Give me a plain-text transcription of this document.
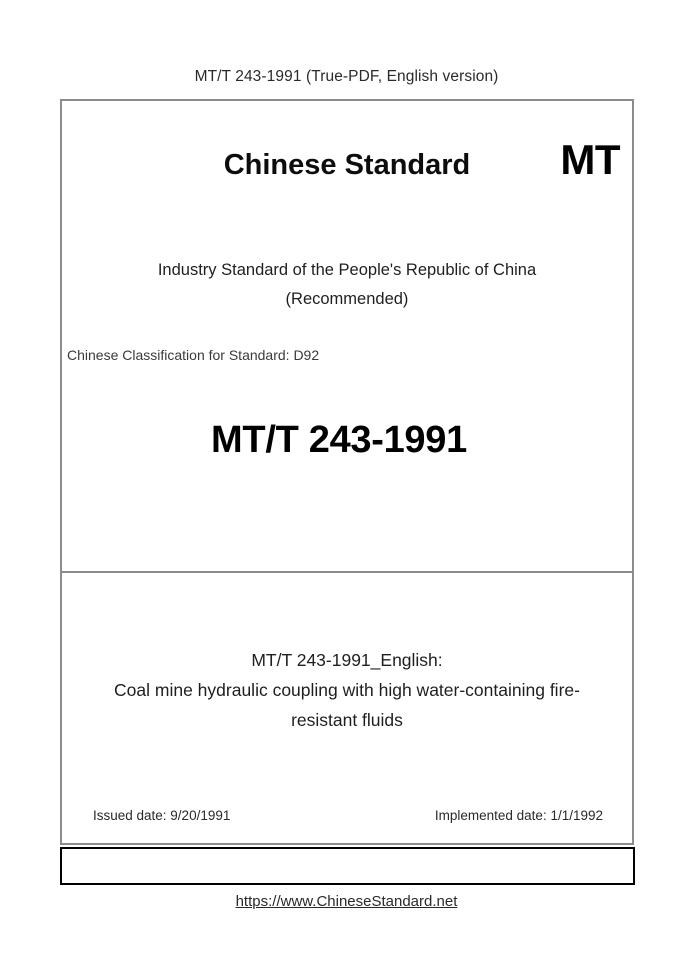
MT/T 243-1991 (True-PDF, English version)
Chinese Standard	MT
Industry Standard of the People's Republic of China
(Recommended)
Chinese Classification for Standard: D92
MT/T 243-1991
MT/T 243-1991_English:
Coal mine hydraulic coupling with high water-containing fire-
resistant fluids
Issued date: 9/20/1991	Implemented date: 1/1/1992
https://www.ChineseStandard.net
